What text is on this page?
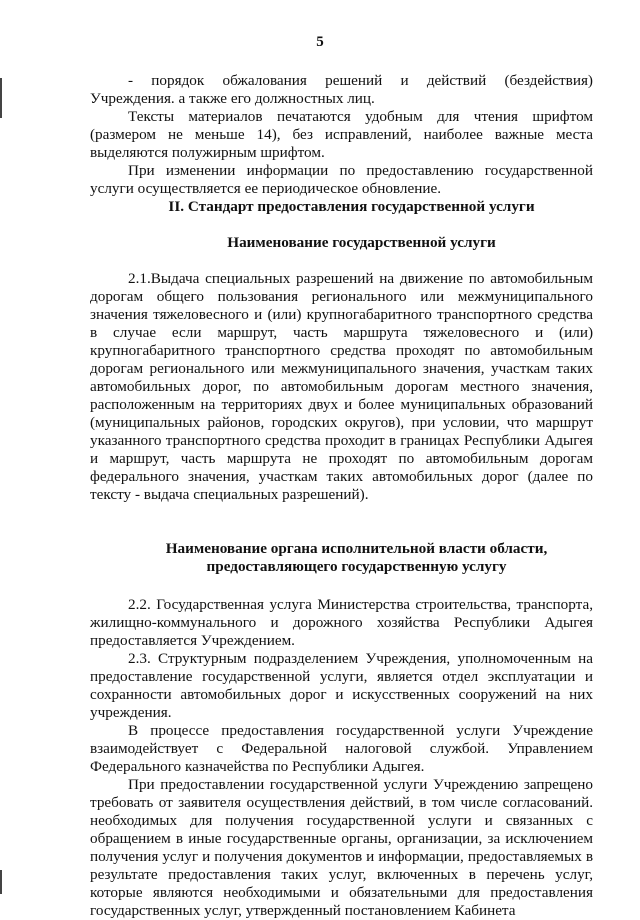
5

- порядок обжалования решений и действий (бездействия) Учреждения. а также его должностных лиц.

Тексты материалов печатаются удобным для чтения шрифтом (размером не меньше 14), без исправлений, наиболее важные места выделяются полужирным шрифтом.

При изменении информации по предоставлению государственной услуги осуществляется ее периодическое обновление.

II. Стандарт предоставления государственной услуги
Наименование государственной услуги

2.1.Выдача специальных разрешений на движение по автомобильным дорогам общего пользования регионального или межмуниципального значения тяжеловесного и (или) крупногабаритного транспортного средства в случае если маршрут, часть маршрута тяжеловесного и (или) крупногабаритного транспортного средства проходят по автомобильным дорогам регионального или межмуниципального значения, участкам таких автомобильных дорог, по автомобильным дорогам местного значения, расположенным на территориях двух и более муниципальных образований (муниципальных районов, городских округов), при условии, что маршрут указанного транспортного средства проходит в границах Республики Адыгея и маршрут, часть маршрута не проходят по автомобильным дорогам федерального значения, участкам таких автомобильных дорог (далее по тексту - выдача специальных разрешений).

Наименование органа исполнительной власти области,
предоставляющего государственную услугу

2.2. Государственная услуга Министерства строительства, транспорта, жилищно-коммунального и дорожного хозяйства Республики Адыгея предоставляется Учреждением.

2.3. Структурным подразделением Учреждения, уполномоченным на предоставление государственной услуги, является отдел эксплуатации и сохранности автомобильных дорог и искусственных сооружений на них учреждения.

В процессе предоставления государственной услуги Учреждение взаимодействует с Федеральной налоговой службой. Управлением Федерального казначейства по Республики Адыгея.

При предоставлении государственной услуги Учреждению запрещено требовать от заявителя осуществления действий, в том числе согласований. необходимых для получения государственной услуги и связанных с обращением в иные государственные органы, организации, за исключением получения услуг и получения документов и информации, предоставляемых в результате предоставления таких услуг, включенных в перечень услуг, которые являются необходимыми и обязательными для предоставления государственных услуг, утвержденный постановлением Кабинета
